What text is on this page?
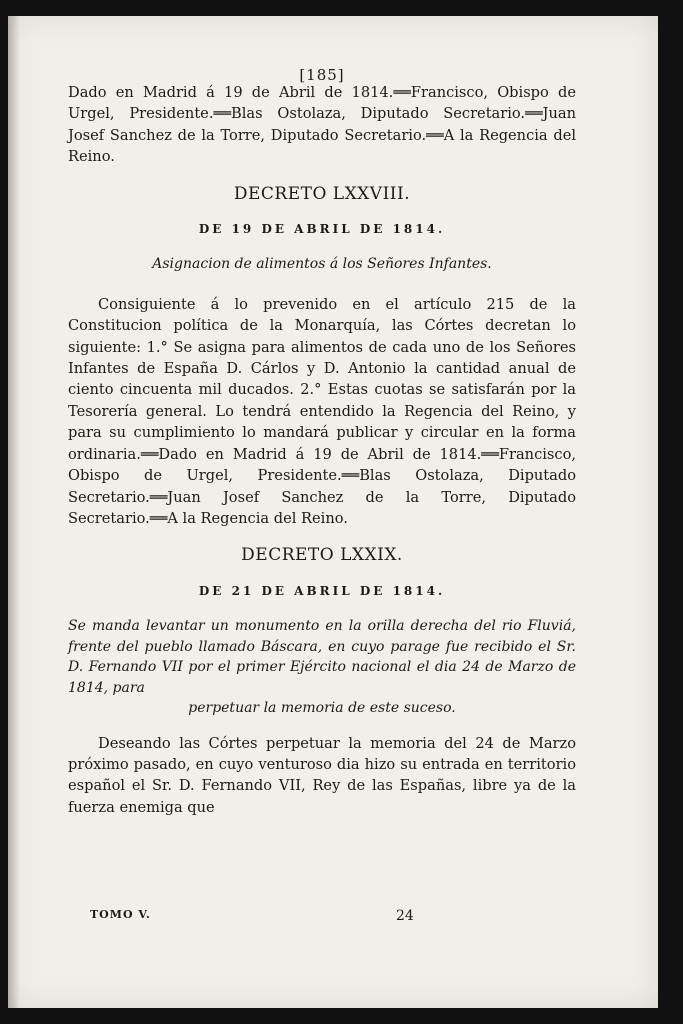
[185]

Dado en Madrid á 19 de Abril de 1814.══Francisco, Obispo de Urgel, Presidente.══Blas Ostolaza, Diputado Secretario.══Juan Josef Sanchez de la Torre, Diputado Secretario.══A la Regencia del Reino.

DECRETO LXXVIII.
DE 19 DE ABRIL DE 1814.
Asignacion de alimentos á los Señores Infantes.

Consiguiente á lo prevenido en el artículo 215 de la Constitucion política de la Monarquía, las Córtes decretan lo siguiente: 1.° Se asigna para alimentos de cada uno de los Señores Infantes de España D. Cárlos y D. Antonio la cantidad anual de ciento cincuenta mil ducados. 2.° Estas cuotas se satisfarán por la Tesorería general. Lo tendrá entendido la Regencia del Reino, y para su cumplimiento lo mandará publicar y circular en la forma ordinaria.══Dado en Madrid á 19 de Abril de 1814.══Francisco, Obispo de Urgel, Presidente.══Blas Ostolaza, Diputado Secretario.══Juan Josef Sanchez de la Torre, Diputado Secretario.══A la Regencia del Reino.

DECRETO LXXIX.
DE 21 DE ABRIL DE 1814.
Se manda levantar un monumento en la orilla derecha del rio Fluviá, frente del pueblo llamado Báscara, en cuyo parage fue recibido el Sr. D. Fernando VII por el primer Ejército nacional el dia 24 de Marzo de 1814, para
perpetuar la memoria de este suceso.

Deseando las Córtes perpetuar la memoria del 24 de Marzo próximo pasado, en cuyo venturoso dia hizo su entrada en territorio español el Sr. D. Fernando VII, Rey de las Españas, libre ya de la fuerza enemiga que

TOMO V.	24
